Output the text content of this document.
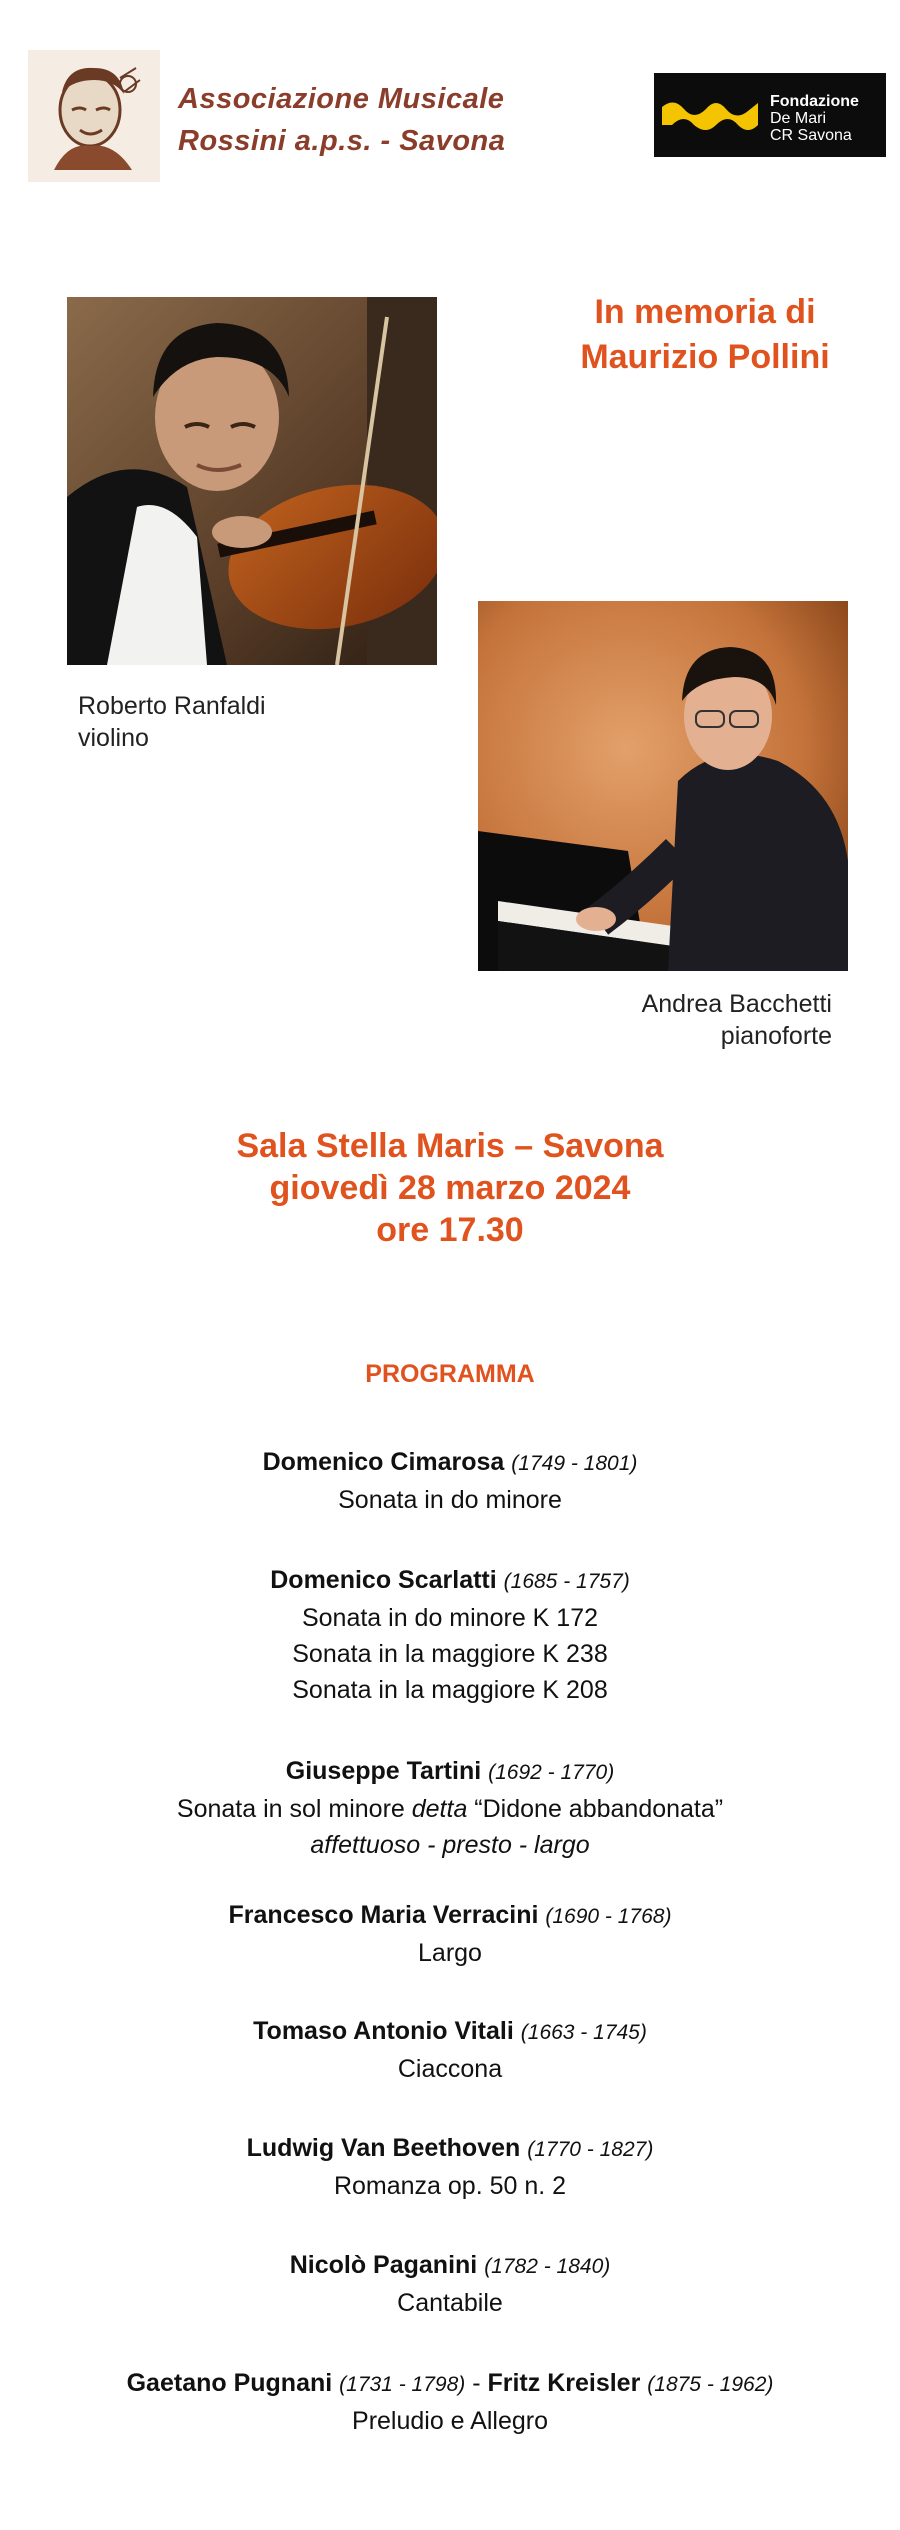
Associazione Musicale
Rossini a.p.s. - Savona
Fondazione
De Mari
CR Savona
In memoria di
Maurizio Pollini
Roberto Ranfaldi
violino
Andrea Bacchetti
pianoforte
Sala Stella Maris – Savona
giovedì 28 marzo 2024
ore 17.30
PROGRAMMA
Domenico Cimarosa (1749 - 1801)
Sonata in do minore
Domenico Scarlatti (1685 - 1757)
Sonata in do minore K 172
Sonata in la maggiore K 238
Sonata in la maggiore K 208
Giuseppe Tartini (1692 - 1770)
Sonata in sol minore detta “Didone abbandonata”
affettuoso - presto - largo
Francesco Maria Verracini (1690 - 1768)
Largo
Tomaso Antonio Vitali (1663 - 1745)
Ciaccona
Ludwig Van Beethoven (1770 - 1827)
Romanza op. 50 n. 2
Nicolò Paganini (1782 - 1840)
Cantabile
Gaetano Pugnani (1731 - 1798) - Fritz Kreisler (1875 - 1962)
Preludio e Allegro
